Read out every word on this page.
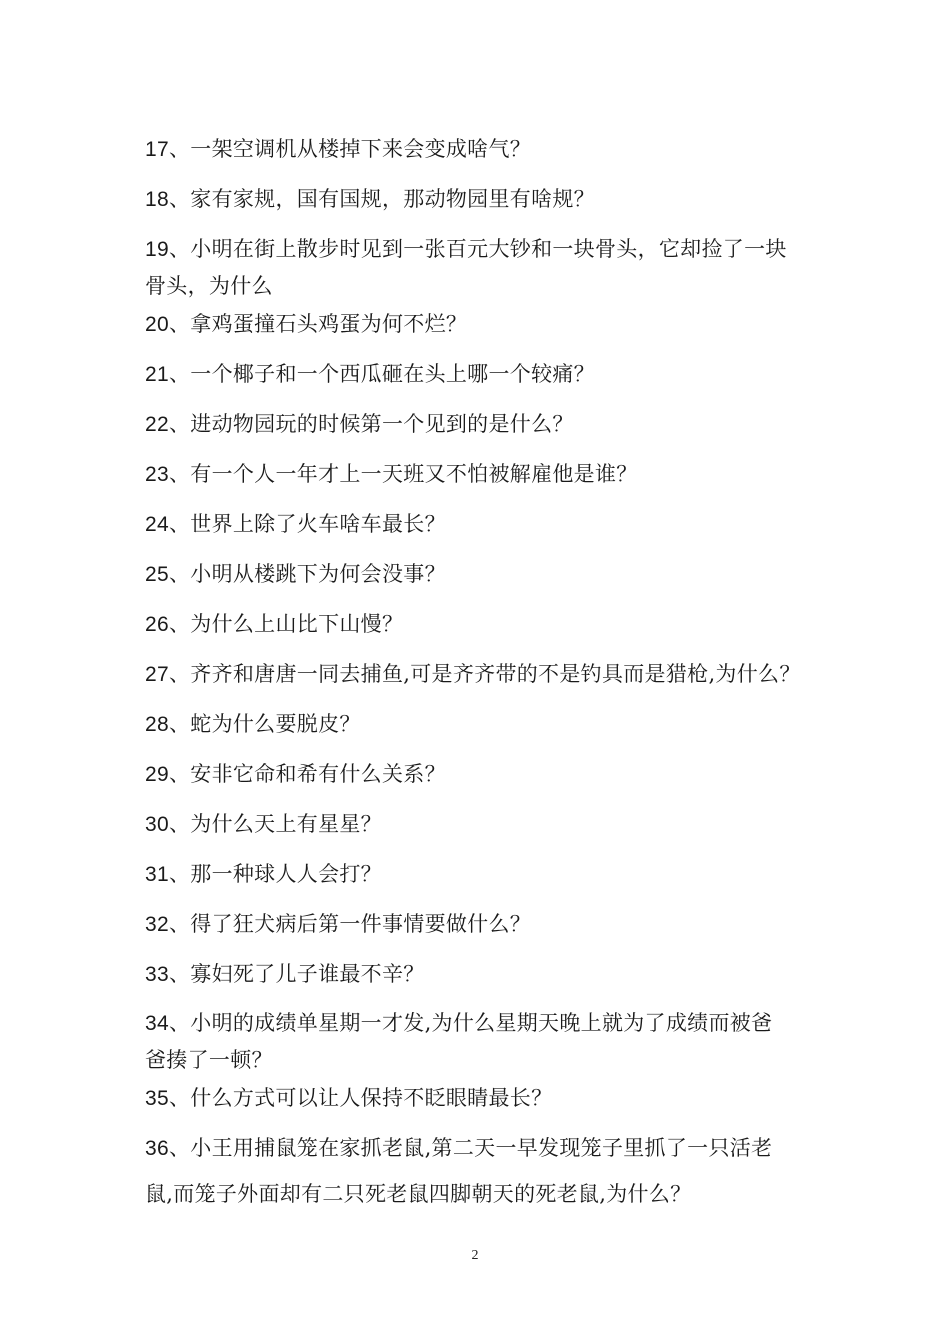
17、一架空调机从楼掉下来会变成啥气？
18、家有家规，国有国规，那动物园里有啥规？
19、小明在街上散步时见到一张百元大钞和一块骨头，它却捡了一块
骨头，为什么
20、拿鸡蛋撞石头鸡蛋为何不烂？
21、一个椰子和一个西瓜砸在头上哪一个较痛？
22、进动物园玩的时候第一个见到的是什么？
23、有一个人一年才上一天班又不怕被解雇他是谁？
24、世界上除了火车啥车最长？
25、小明从楼跳下为何会没事？
26、为什么上山比下山慢？
27、齐齐和唐唐一同去捕鱼,可是齐齐带的不是钓具而是猎枪,为什么？
28、蛇为什么要脱皮？
29、安非它命和希有什么关系？
30、为什么天上有星星？
31、那一种球人人会打？
32、得了狂犬病后第一件事情要做什么？
33、寡妇死了儿子谁最不辛？
34、小明的成绩单星期一才发,为什么星期天晚上就为了成绩而被爸
爸揍了一顿？
35、什么方式可以让人保持不眨眼睛最长？
36、小王用捕鼠笼在家抓老鼠,第二天一早发现笼子里抓了一只活老
鼠,而笼子外面却有二只死老鼠四脚朝天的死老鼠,为什么？
2
